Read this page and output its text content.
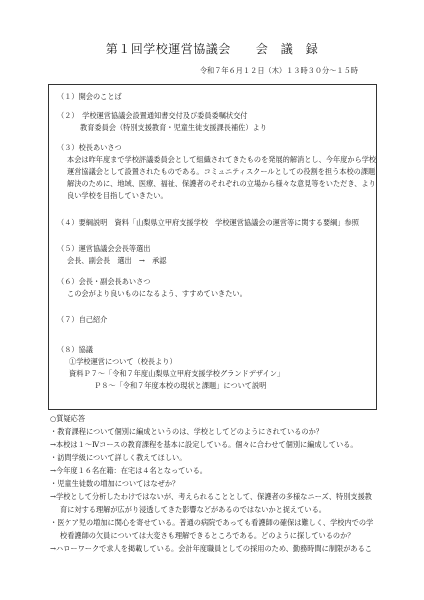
第１回学校運営協議会　　会　議　録
令和７年６月１２日（木）１３時３０分～１５時
（１）開会のことば
（２）　学校運営協議会設置通知書交付及び委員委嘱状交付
教育委員会（特別支援教育・児童生徒支援課長補佐）より
（３）校長あいさつ
本会は昨年度まで学校評議委員会として組織されてきたものを発展的解消とし、今年度から学校
運営協議会として設置されたものである。コミュニティスクールとしての役割を担う本校の課題
解決のために、地域、医療、福祉、保護者のそれぞれの立場から様々な意見等をいただき、より
良い学校を目指していきたい。
（４）要綱説明　資料「山梨県立甲府支援学校　学校運営協議会の運営等に関する要綱」参照
（５）運営協議会会長等選出
会長、副会長　選出　→　承認
（６）会長・副会長あいさつ
この会がより良いものになるよう、すすめていきたい。
（７）自己紹介
（８）協議
①学校運営について（校長より）
資料Ｐ７～「令和７年度山梨県立甲府支援学校グランドデザイン」
Ｐ８～「令和７年度本校の現状と課題」について説明
○質疑応答
・教育課程について個別に編成というのは、学校としてどのようにされているのか？
→本校は１～Ⅳコースの教育課程を基本に設定している。個々に合わせて個別に編成している。
・訪問学級について詳しく教えてほしい。
→今年度１６名在籍：在宅は４名となっている。
・児童生徒数の増加についてはなぜか？
→学校として分析したわけではないが、考えられることとして、保護者の多様なニーズ、特別支援教
育に対する理解が広がり浸透してきた影響などがあるのではないかと捉えている。
・医ケア児の増加に関心を寄せている。普通の病院であっても看護師の確保は難しく、学校内での学
校看護師の欠員については大変さも理解できるところである。どのように探しているのか？
→ハローワークで求人を掲載している。会計年度職員としての採用のため、勤務時間に制限があるこ
